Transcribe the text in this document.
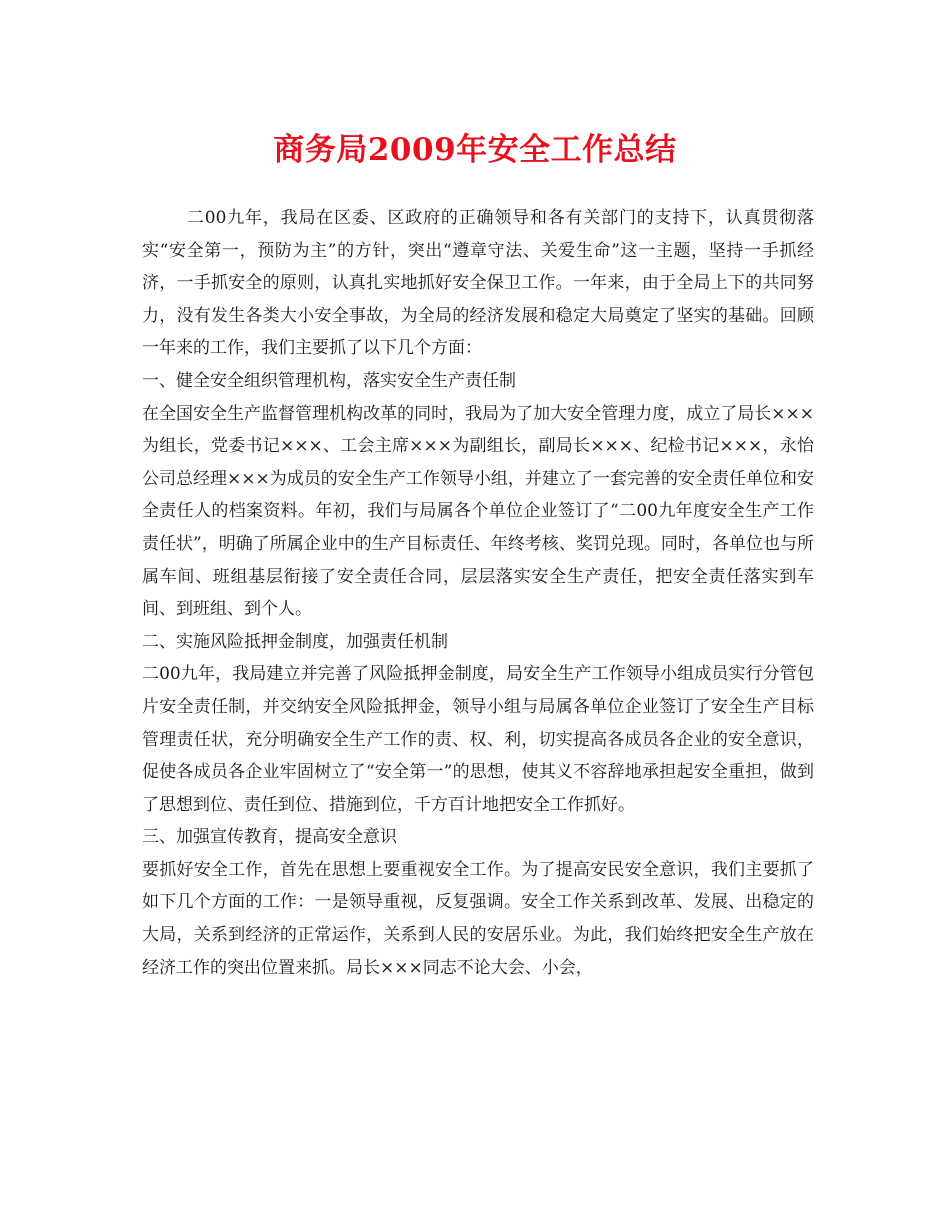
商务局2009年安全工作总结

二00九年，我局在区委、区政府的正确领导和各有关部门的支持下，认真贯彻落实“安全第一，预防为主”的方针，突出“遵章守法、关爱生命”这一主题，坚持一手抓经济，一手抓安全的原则，认真扎实地抓好安全保卫工作。一年来，由于全局上下的共同努力，没有发生各类大小安全事故，为全局的经济发展和稳定大局奠定了坚实的基础。回顾一年来的工作，我们主要抓了以下几个方面：

一、健全安全组织管理机构，落实安全生产责任制

在全国安全生产监督管理机构改革的同时，我局为了加大安全管理力度，成立了局长×××为组长，党委书记×××、工会主席×××为副组长，副局长×××、纪检书记×××，永怡公司总经理×××为成员的安全生产工作领导小组，并建立了一套完善的安全责任单位和安全责任人的档案资料。年初，我们与局属各个单位企业签订了“二00九年度安全生产工作责任状”，明确了所属企业中的生产目标责任、年终考核、奖罚兑现。同时，各单位也与所属车间、班组基层衔接了安全责任合同，层层落实安全生产责任，把安全责任落实到车间、到班组、到个人。

二、实施风险抵押金制度，加强责任机制

二00九年，我局建立并完善了风险抵押金制度，局安全生产工作领导小组成员实行分管包片安全责任制，并交纳安全风险抵押金，领导小组与局属各单位企业签订了安全生产目标管理责任状，充分明确安全生产工作的责、权、利，切实提高各成员各企业的安全意识，促使各成员各企业牢固树立了“安全第一”的思想，使其义不容辞地承担起安全重担，做到了思想到位、责任到位、措施到位，千方百计地把安全工作抓好。

三、加强宣传教育，提高安全意识

要抓好安全工作，首先在思想上要重视安全工作。为了提高安民安全意识，我们主要抓了如下几个方面的工作：一是领导重视，反复强调。安全工作关系到改革、发展、出稳定的大局，关系到经济的正常运作，关系到人民的安居乐业。为此，我们始终把安全生产放在经济工作的突出位置来抓。局长×××同志不论大会、小会，
